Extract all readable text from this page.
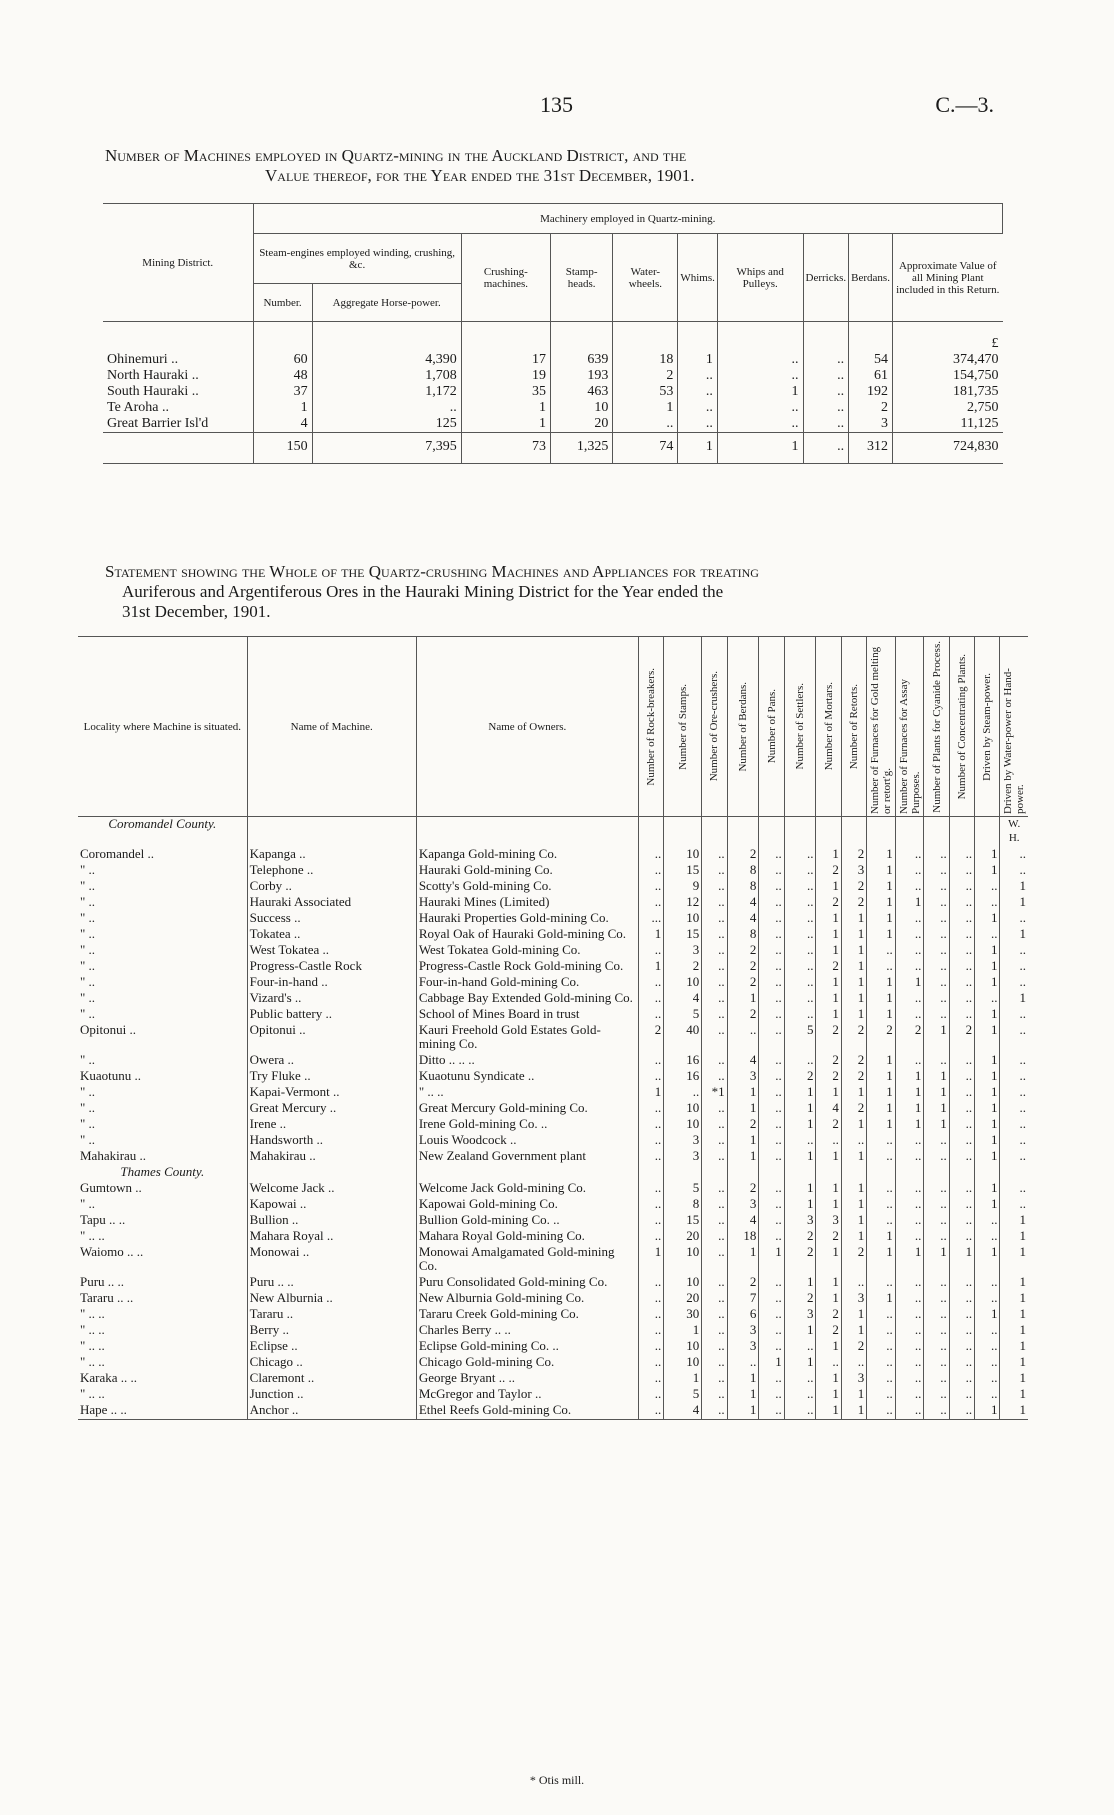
135	C.—3.
Number of Machines employed in Quartz-mining in the Auckland District, and the
Value thereof, for the Year ended the 31st December, 1901.
Mining District.	Machinery employed in Quartz-mining.									
	Steam-engines employed winding, crushing, &c.		Crushing-machines.	Stamp-heads.	Water-wheels.	Whims.	Whips and Pulleys.	Derricks.	Berdans.	Approximate Value of all Mining Plant included in this Return.
	Number.	Aggregate Horse-power.								
										£
Ohinemuri ..	60	4,390	17	639	18	1	..	..	54	374,470
North Hauraki ..	48	1,708	19	193	2	..	..	..	61	154,750
South Hauraki ..	37	1,172	35	463	53	..	1	..	192	181,735
Te Aroha ..	1	..	1	10	1	..	..	..	2	2,750
Great Barrier Isl'd	4	125	1	20	..	..	..	..	3	11,125
	150	7,395	73	1,325	74	1	1	..	312	724,830
Statement showing the Whole of the Quartz-crushing Machines and Appliances for treating
Auriferous and Argentiferous Ores in the Hauraki Mining District for the Year ended the
31st December, 1901.
Locality where Machine is situated.	Name of Machine.	Name of Owners.	Number of Rock-breakers.	Number of Stamps.	Number of Ore-crushers.	Number of Berdans.	Number of Pans.	Number of Settlers.	Number of Mortars.	Number of Retorts.	Number of Furnaces for Gold melting or retort'g.	Number of Furnaces for Assay Purposes.	Number of Plants for Cyanide Process.	Number of Concentrating Plants.	Driven by Steam-power.	Driven by Water-power or Hand-power.

Coromandel County.																W. H.
Coromandel ..	Kapanga ..	Kapanga Gold-mining Co.	..	10	..	2	..	..	1	2	1	..	..	..	1	..
" ..	Telephone ..	Hauraki Gold-mining Co.	..	15	..	8	..	..	2	3	1	..	..	..	1	..
" ..	Corby ..	Scotty's Gold-mining Co.	..	9	..	8	..	..	1	2	1	..	..	..	..	1
" ..	Hauraki Associated	Hauraki Mines (Limited)	..	12	..	4	..	..	2	2	1	1	..	..	..	1
" ..	Success ..	Hauraki Properties Gold-mining Co.	...	10	..	4	..	..	1	1	1	..	..	..	1	..
" ..	Tokatea ..	Royal Oak of Hauraki Gold-mining Co.	1	15	..	8	..	..	1	1	1	..	..	..	..	1
" ..	West Tokatea ..	West Tokatea Gold-mining Co.	..	3	..	2	..	..	1	1	..	..	..	..	1	..
" ..	Progress-Castle Rock	Progress-Castle Rock Gold-mining Co.	1	2	..	2	..	..	2	1	..	..	..	..	1	..
" ..	Four-in-hand ..	Four-in-hand Gold-mining Co.	..	10	..	2	..	..	1	1	1	1	..	..	1	..
" ..	Vizard's ..	Cabbage Bay Extended Gold-mining Co.	..	4	..	1	..	..	1	1	1	..	..	..	..	1
" ..	Public battery ..	School of Mines Board in trust	..	5	..	2	..	..	1	1	1	..	..	..	1	..
Opitonui ..	Opitonui ..	Kauri Freehold Gold Estates Gold-mining Co.	2	40	..	..	..	5	2	2	2	2	1	2	1	..
" ..	Owera ..	Ditto .. .. ..	..	16	..	4	..	..	2	2	1	..	..	..	1	..
Kuaotunu ..	Try Fluke ..	Kuaotunu Syndicate ..	..	16	..	3	..	2	2	2	1	1	1	..	1	..
" ..	Kapai-Vermont ..	" .. ..	1	..	*1	1	..	1	1	1	1	1	1	..	1	..
" ..	Great Mercury ..	Great Mercury Gold-mining Co.	..	10	..	1	..	1	4	2	1	1	1	..	1	..
" ..	Irene ..	Irene Gold-mining Co. ..	..	10	..	2	..	1	2	1	1	1	1	..	1	..
" ..	Handsworth ..	Louis Woodcock ..	..	3	..	1	..	..	..	..	..	..	..	..	1	..
Mahakirau ..	Mahakirau ..	New Zealand Government plant	..	3	..	1	..	1	1	1	..	..	..	..	1	..
Thames County.																
Gumtown ..	Welcome Jack ..	Welcome Jack Gold-mining Co.	..	5	..	2	..	1	1	1	..	..	..	..	1	..
" ..	Kapowai ..	Kapowai Gold-mining Co.	..	8	..	3	..	1	1	1	..	..	..	..	1	..
Tapu .. ..	Bullion ..	Bullion Gold-mining Co. ..	..	15	..	4	..	3	3	1	..	..	..	..	..	1
" .. ..	Mahara Royal ..	Mahara Royal Gold-mining Co.	..	20	..	18	..	2	2	1	1	..	..	..	..	1
Waiomo .. ..	Monowai ..	Monowai Amalgamated Gold-mining Co.	1	10	..	1	1	2	1	2	1	1	1	1	1	1
Puru .. ..	Puru .. ..	Puru Consolidated Gold-mining Co.	..	10	..	2	..	1	1	..	..	..	..	..	..	1
Tararu .. ..	New Alburnia ..	New Alburnia Gold-mining Co.	..	20	..	7	..	2	1	3	1	..	..	..	..	1
" .. ..	Tararu ..	Tararu Creek Gold-mining Co.	..	30	..	6	..	3	2	1	..	..	..	..	1	1
" .. ..	Berry ..	Charles Berry .. ..	..	1	..	3	..	1	2	1	..	..	..	..	..	1
" .. ..	Eclipse ..	Eclipse Gold-mining Co. ..	..	10	..	3	..	..	1	2	..	..	..	..	..	1
" .. ..	Chicago ..	Chicago Gold-mining Co.	..	10	..	..	1	1	..	..	..	..	..	..	..	1
Karaka .. ..	Claremont ..	George Bryant .. ..	..	1	..	1	..	..	1	3	..	..	..	..	..	1
" .. ..	Junction ..	McGregor and Taylor ..	..	5	..	1	..	..	1	1	..	..	..	..	..	1
Hape .. ..	Anchor ..	Ethel Reefs Gold-mining Co.	..	4	..	1	..	..	1	1	..	..	..	..	1	1
* Otis mill.
